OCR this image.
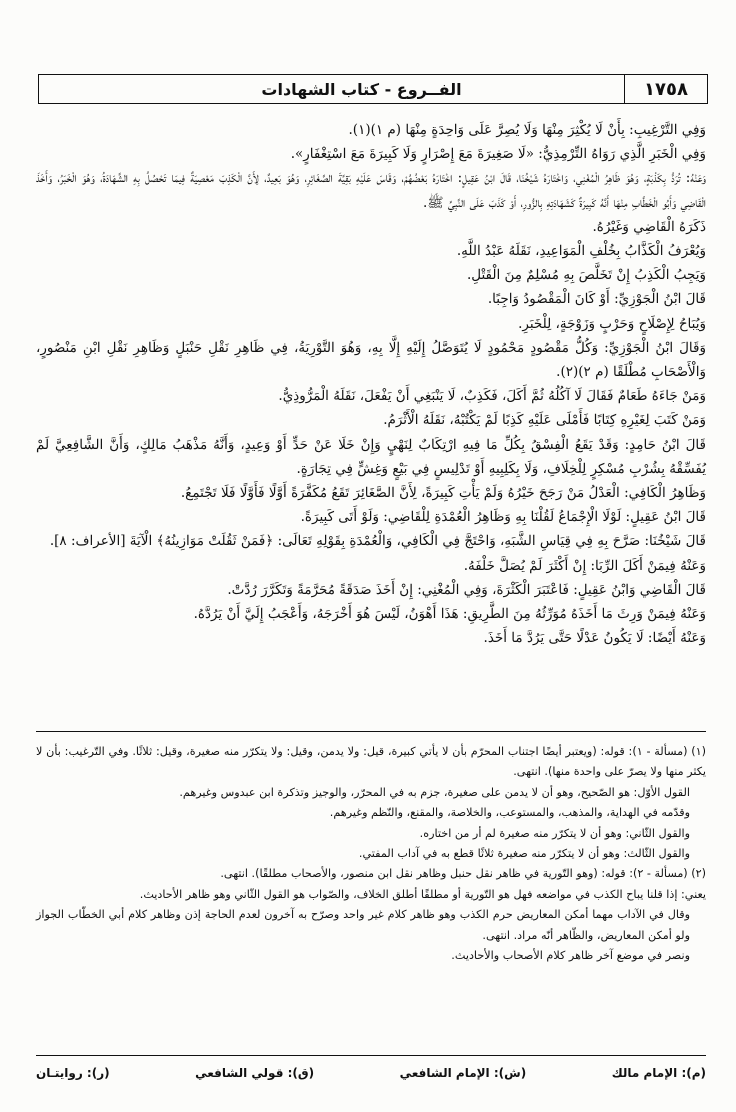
١٧٥٨
الفــروع - كتاب الشهادات

وَفِي التَّرْغِيبِ: بِأَنْ لَا يُكْثِرَ مِنْهَا وَلَا يُصِرَّ عَلَى وَاحِدَةٍ مِنْهَا (م ١)(١).

وَفِي الْخَبَرِ الَّذِي رَوَاهُ التِّرْمِذِيُّ: «لَا صَغِيرَةَ مَعَ إِصْرَارٍ وَلَا كَبِيرَةَ مَعَ اسْتِغْفَارٍ».

وَعَنْهُ: تُرَدُّ بِكَذْبَةٍ، وَهُوَ ظَاهِرُ الْمُغْنِي، وَاخْتَارَهُ شَيْخُنَا، قَالَ ابْنُ عَقِيلٍ: اخْتَارَهُ بَعْضُهُمْ، وَقَاسَ عَلَيْهِ بَقِيَّةَ الصَّغَائِرِ، وَهُوَ بَعِيدٌ، لِأَنَّ الْكَذِبَ مَعْصِيَةٌ فِيمَا تَحْصُلُ بِهِ الشَّهَادَةُ، وَهُوَ الْخَبَرُ، وَأَخَذَ الْقَاضِي وَأَبُو الْخَطَّابِ مِنْهَا أَنَّهُ كَبِيرَةٌ كَشَهَادَتِهِ بِالزُّورِ، أَوْ كَذَبَ عَلَى النَّبِيِّ ﷺ.

ذَكَرَهُ الْقَاضِي وَغَيْرُهُ.

وَيُعْرَفُ الْكَذَّابُ بِخُلْفِ الْمَوَاعِيدِ، نَقَلَهُ عَبْدُ اللَّهِ.

وَيَجِبُ الْكَذِبُ إِنْ تَخَلَّصَ بِهِ مُسْلِمٌ مِنَ الْقَتْلِ.

قَالَ ابْنُ الْجَوْزِيِّ: أَوْ كَانَ الْمَقْصُودُ وَاجِبًا.

وَيُبَاحُ لِإِصْلَاحٍ وَحَرْبٍ وَزَوْجَةٍ، لِلْخَبَرِ.

وَقَالَ ابْنُ الْجَوْزِيِّ: وَكُلُّ مَقْصُودٍ مَحْمُودٍ لَا يُتَوَصَّلُ إِلَيْهِ إِلَّا بِهِ، وَهُوَ التَّوْرِيَةُ، فِي ظَاهِرِ نَقْلِ حَنْبَلٍ وَظَاهِرِ نَقْلِ ابْنِ مَنْصُورٍ، وَالْأَصْحَابِ مُطْلَقًا (م ٢)(٢).

وَمَنْ جَاءَهُ طَعَامٌ فَقَالَ لَا آكُلُهُ ثُمَّ أَكَلَ، فَكَذِبٌ، لَا يَنْبَغِي أَنْ يَفْعَلَ، نَقَلَهُ الْمَرُّوذِيُّ.

وَمَنْ كَتَبَ لِغَيْرِهِ كِتَابًا فَأَمْلَى عَلَيْهِ كَذِبًا لَمْ يَكْتُبْهُ، نَقَلَهُ الْأَثْرَمُ.

قَالَ ابْنُ حَامِدٍ: وَقَدْ يَقَعُ الْفِسْقُ بِكُلِّ مَا فِيهِ ارْتِكَابٌ لِنَهْيٍ وَإِنْ خَلَا عَنْ حَدٍّ أَوْ وَعِيدٍ، وَأَنَّهُ مَذْهَبُ مَالِكٍ، وَأَنَّ الشَّافِعِيَّ لَمْ يُفَسِّقْهُ بِشُرْبِ مُسْكِرٍ لِلْخِلَافِ، وَلَا بِكَلِبِيهِ أَوْ تَدْلِيسٍ فِي بَيْعٍ وَغِشٍّ فِي تِجَارَةٍ.

وَظَاهِرُ الْكَافِي: الْعَدْلُ مَنْ رَجَحَ خَيْرُهُ وَلَمْ يَأْتِ كَبِيرَةً، لِأَنَّ الصَّغَائِرَ تَقَعُ مُكَفَّرَةً أَوَّلًا فَأَوَّلًا فَلَا تَجْتَمِعُ.

قَالَ ابْنُ عَقِيلٍ: لَوْلَا الْإِجْمَاعُ لَقُلْنَا بِهِ وَظَاهِرُ الْعُمْدَةِ لِلْقَاضِي: وَلَوْ أَتَى كَبِيرَةً.

قَالَ شَيْخُنَا: صَرَّحَ بِهِ فِي قِيَاسِ الشَّبَهِ، وَاحْتَجَّ فِي الْكَافِي، وَالْعُمْدَةِ بِقَوْلِهِ تَعَالَى: ﴿فَمَنْ ثَقُلَتْ مَوَازِينُهُ﴾ الْآيَةَ [الأعراف: ٨].

وَعَنْهُ فِيمَنْ أَكَلَ الرِّبَا: إِنْ أَكْثَرَ لَمْ يُصَلَّ خَلْفَهُ.

قَالَ الْقَاضِي وَابْنُ عَقِيلٍ: فَاعْتَبَرَ الْكَثْرَةَ، وَفِي الْمُغْنِي: إِنْ أَخَذَ صَدَقَةً مُحَرَّمَةً وَتَكَرَّرَ رُدَّتْ.

وَعَنْهُ فِيمَنْ وَرِثَ مَا أَخَذَهُ مُوَرِّثُهُ مِنَ الطَّرِيقِ: هَذَا أَهْوَنُ، لَيْسَ هُوَ أَخْرَجَهُ، وَأَعْجَبُ إِلَيَّ أَنْ يَرُدَّهُ.

وَعَنْهُ أَيْضًا: لَا يَكُونُ عَدْلًا حَتَّى يَرُدَّ مَا أَخَذَ.

(١) (مسألة - ١): قوله: (ويعتبر أيضًا اجتناب المحرّم بأن لا يأتي كبيرة، قيل: ولا يدمن، وقيل: ولا يتكرّر منه صغيرة، وقيل: ثلاثًا. وفي التّرغيب: بأن لا يكثر منها ولا يصرّ على واحدة منها). انتهى.

القول الأوّل: هو الصّحيح، وهو أن لا يدمن على صغيرة، جزم به في المحرّر، والوجيز وتذكرة ابن عبدوس وغيرهم.

وقدّمه في الهداية، والمذهب، والمستوعب، والخلاصة، والمقنع، والنّظم وغيرهم.

والقول الثّاني: وهو أن لا يتكرّر منه صغيرة لم أر من اختاره.

والقول الثّالث: وهو أن لا يتكرّر منه صغيرة ثلاثًا قطع به في آداب المفتي.

(٢) (مسألة - ٢): قوله: (وهو التّورية في ظاهر نقل حنبل وظاهر نقل ابن منصور، والأصحاب مطلقًا). انتهى.

يعني: إذا قلنا يباح الكذب في مواضعه فهل هو التّورية أو مطلقًا أطلق الخلاف، والصّواب هو القول الثّاني وهو ظاهر الأحاديث.

وقال في الآداب مهما أمكن المعاريض حرم الكذب وهو ظاهر كلام غير واحد وصرّح به آخرون لعدم الحاجة إذن وظاهر كلام أبي الخطّاب الجواز ولو أمكن المعاريض، والظّاهر أنّه مراد. انتهى.

ونصر في موضع آخر ظاهر كلام الأصحاب والأحاديث.

(م): الإمام مالك
(ش): الإمام الشافعي
(ق): قولي الشافعي
(ر): روايتـان
